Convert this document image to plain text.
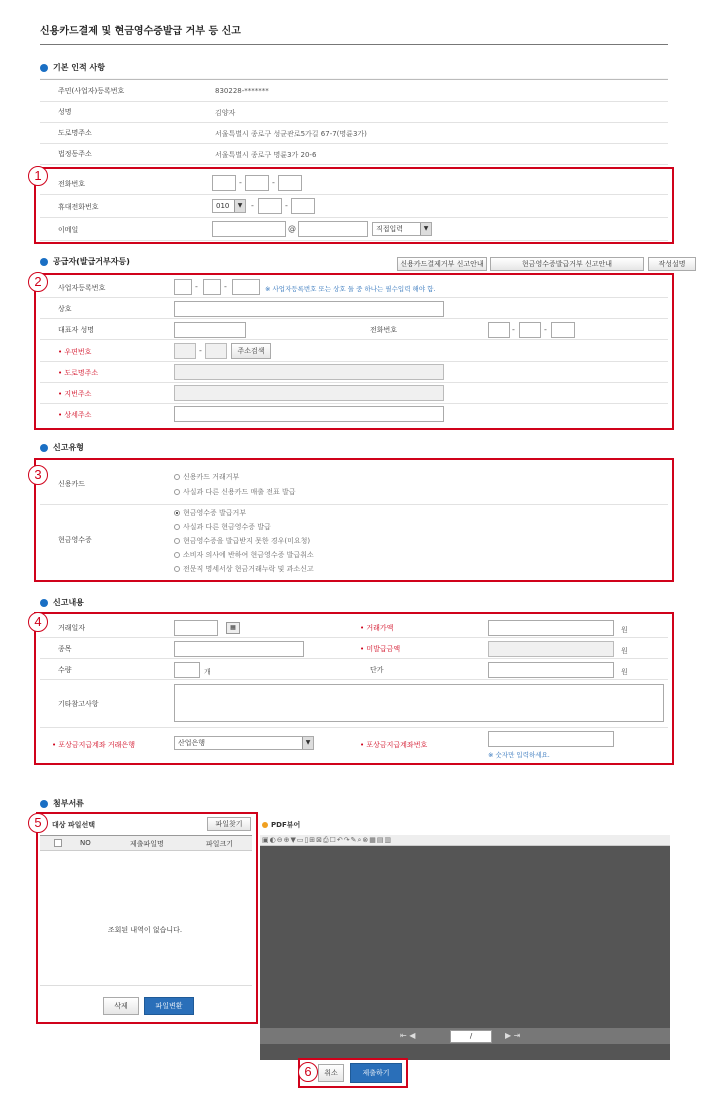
신용카드결제 및 현금영수증발급 거부 등 신고
기본 인적 사항
주민(사업자)등록번호	830228-*******
성명	김양자
도로명주소	서울특별시 종로구 성균관로5가길 67-7(명륜3가)
법정동주소	서울특별시 종로구 명륜3가 20-6
전화번호	-	-
휴대전화번호	010	▼	-	-
이메일	@	직접입력	▼
1
공급자(발급거부자등)	신용카드결제거부 신고안내	현금영수증발급거부 신고안내	작성설명
사업자등록번호	-	-	※ 사업자등록번호 또는 상호 둘 중 하나는 필수입력 해야 함.
상호
대표자 성명	전화번호	-	-
• 우편번호	-	주소검색
• 도로명주소
• 지번주소
• 상세주소
2
신고유형
신용카드
신용카드 거래거부
사실과 다른 신용카드 매출 전표 발급
현금영수증
현금영수증 발급거부
사실과 다른 현금영수증 발급
현금영수증을 발급받지 못한 경우(미요청)
소비자 의사에 반하여 현금영수증 발급취소
전문직 명세서상 현금거래누락 및 과소신고
3
신고내용
거래일자	• 거래가액
▦	원
종목	• 미발급금액	원
수량	단가
개	원
기타참고사항
• 포상금지급계좌 거래은행	• 포상금지급계좌번호
산업은행	▼
※ 숫자만 입력하세요.
4
첨부서류
대상 파일선택	파일찾기
NO	제출파일명	파일크기
조회된 내역이 없습니다.
삭제	파일변환
5	PDF뷰어
▣◐⊖⊕▼▭▯⊞⊠⎙☐↶↷✎⌕⊗▦▤▥
⇤ ◀	/	▶ ⇥
취소	제출하기
6
